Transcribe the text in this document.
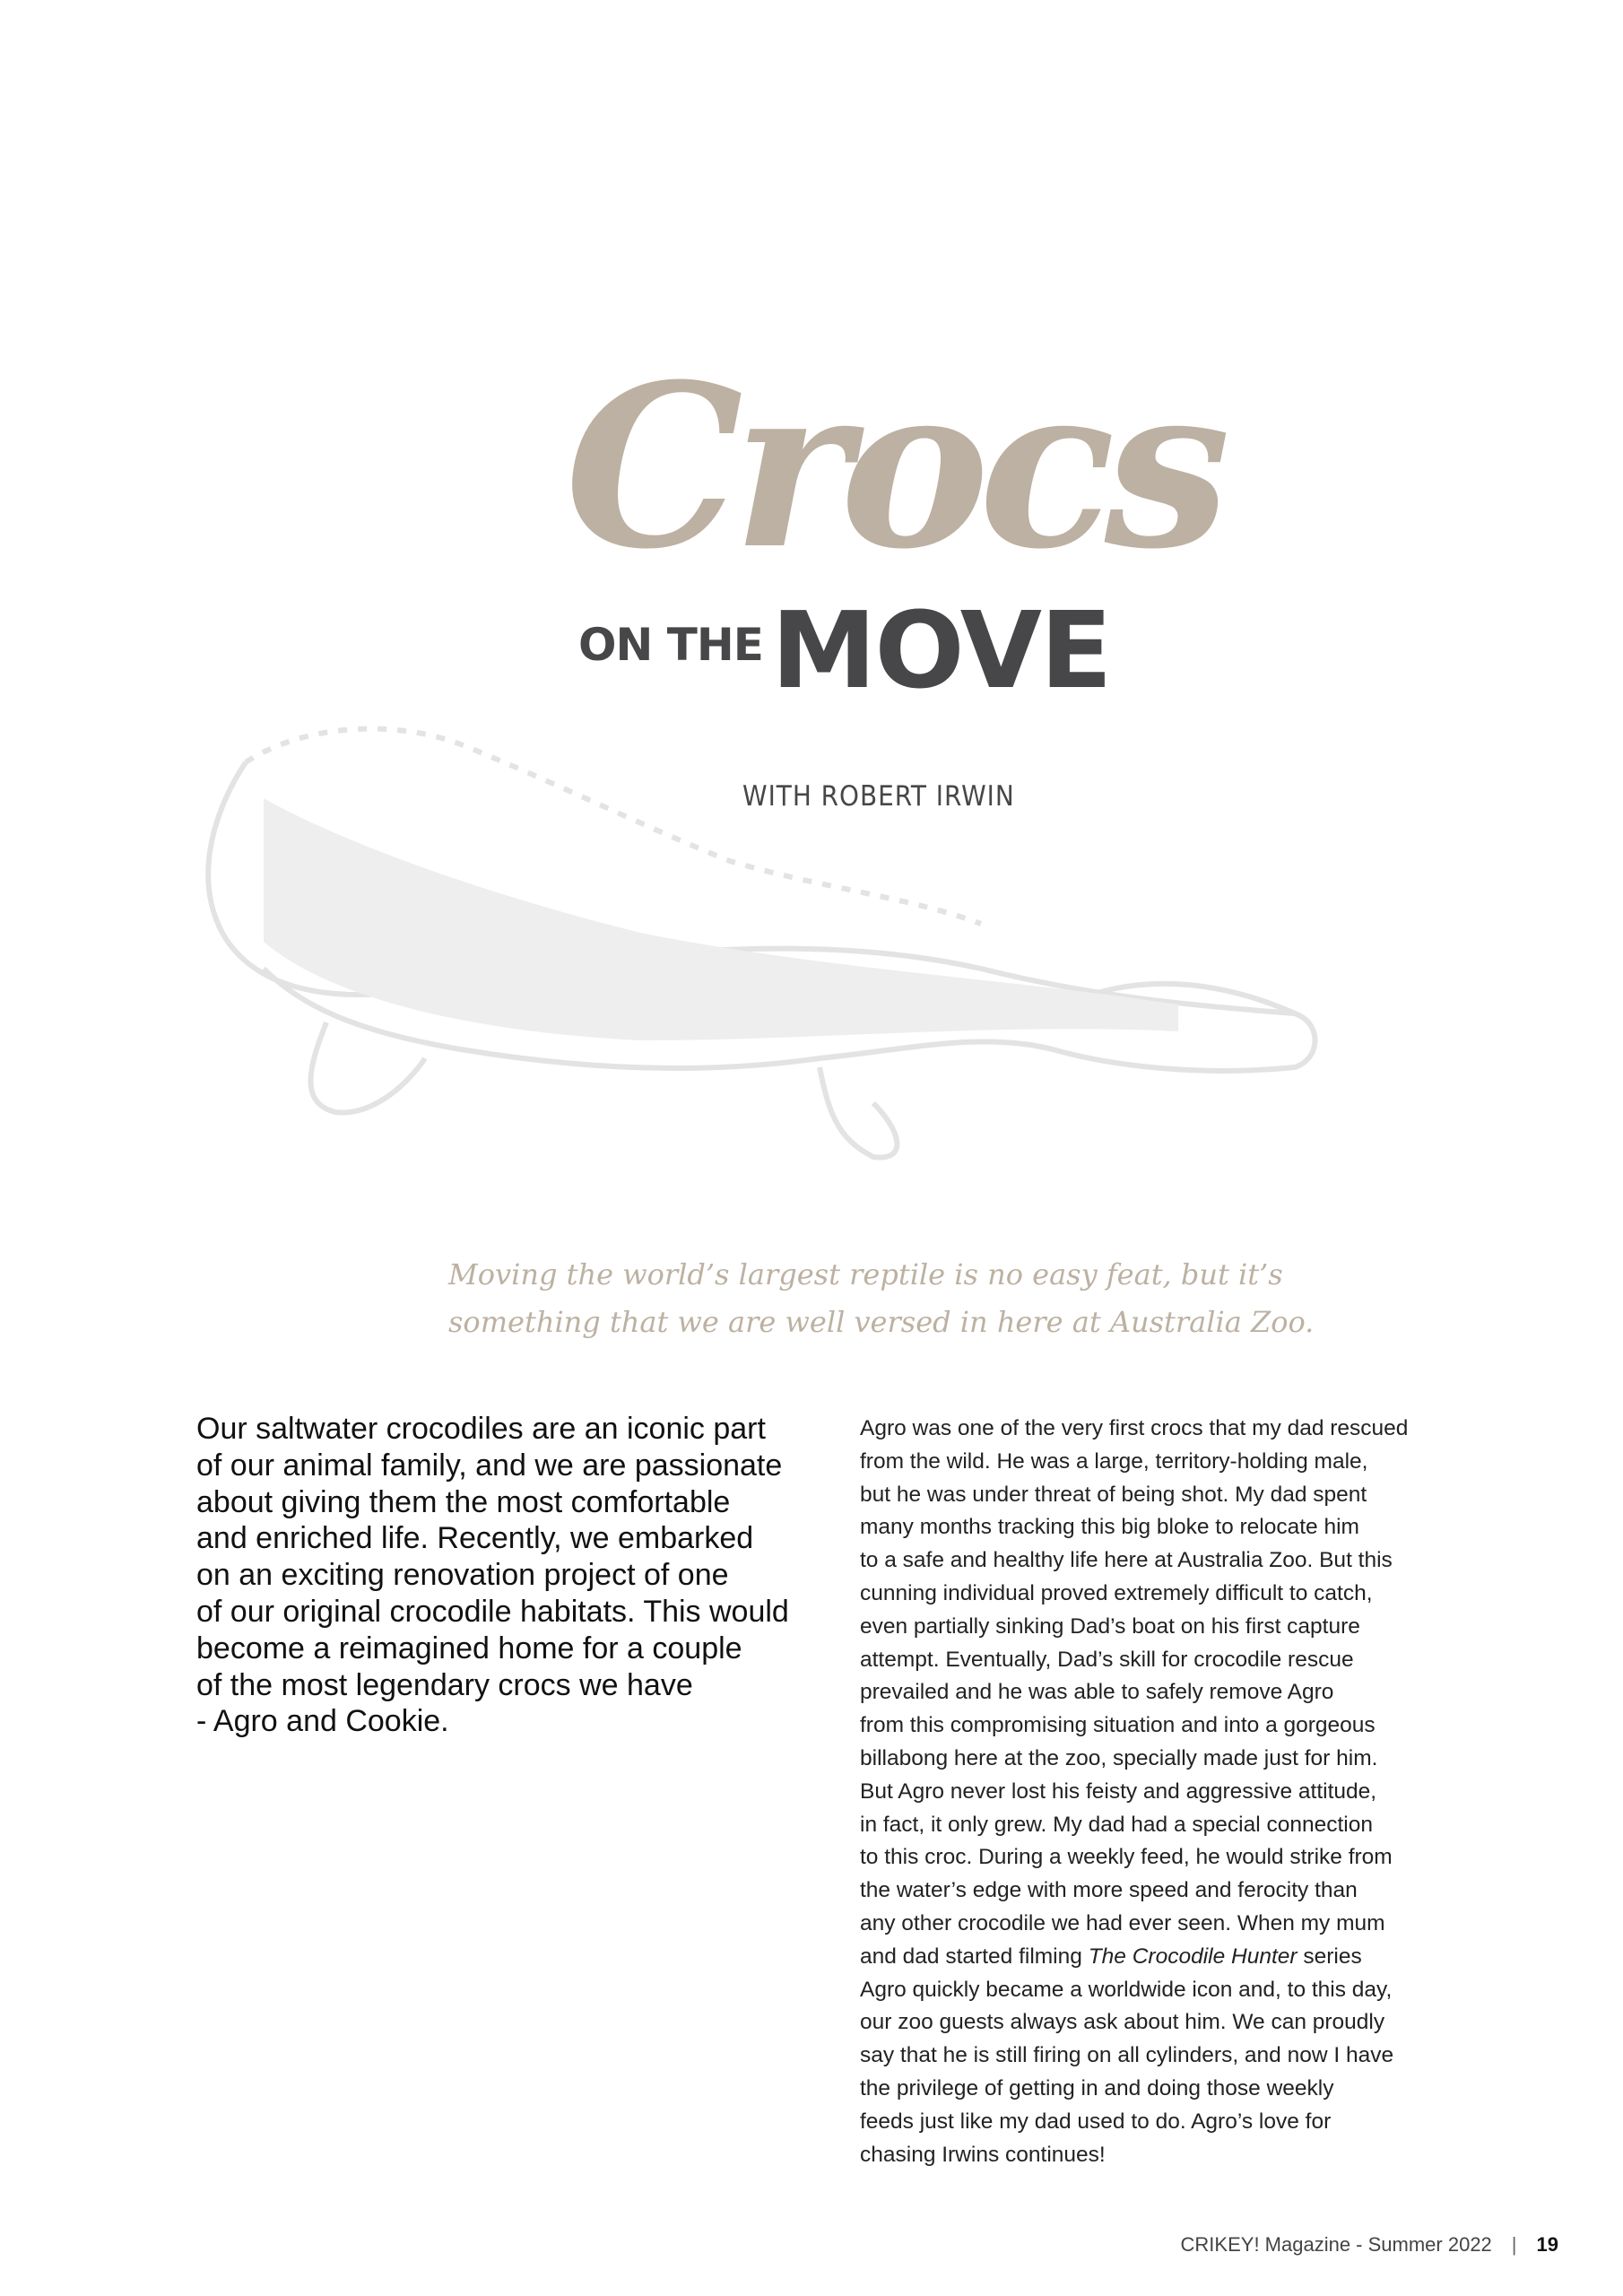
Crocs
ON THE MOVE
WITH ROBERT IRWIN
Moving the world’s largest reptile is no easy feat, but it’s
something that we are well versed in here at Australia Zoo.
Our saltwater crocodiles are an iconic part
of our animal family, and we are passionate
about giving them the most comfortable
and enriched life. Recently, we embarked
on an exciting renovation project of one
of our original crocodile habitats. This would
become a reimagined home for a couple
of the most legendary crocs we have
- Agro and Cookie.
Agro was one of the very first crocs that my dad rescued
from the wild. He was a large, territory-holding male,
but he was under threat of being shot. My dad spent
many months tracking this big bloke to relocate him
to a safe and healthy life here at Australia Zoo. But this
cunning individual proved extremely difficult to catch,
even partially sinking Dad’s boat on his first capture
attempt. Eventually, Dad’s skill for crocodile rescue
prevailed and he was able to safely remove Agro
from this compromising situation and into a gorgeous
billabong here at the zoo, specially made just for him.
But Agro never lost his feisty and aggressive attitude,
in fact, it only grew. My dad had a special connection
to this croc. During a weekly feed, he would strike from
the water’s edge with more speed and ferocity than
any other crocodile we had ever seen. When my mum
and dad started filming The Crocodile Hunter series
Agro quickly became a worldwide icon and, to this day,
our zoo guests always ask about him. We can proudly
say that he is still firing on all cylinders, and now I have
the privilege of getting in and doing those weekly
feeds just like my dad used to do. Agro’s love for
chasing Irwins continues!
CRIKEY! Magazine - Summer 2022 | 19
